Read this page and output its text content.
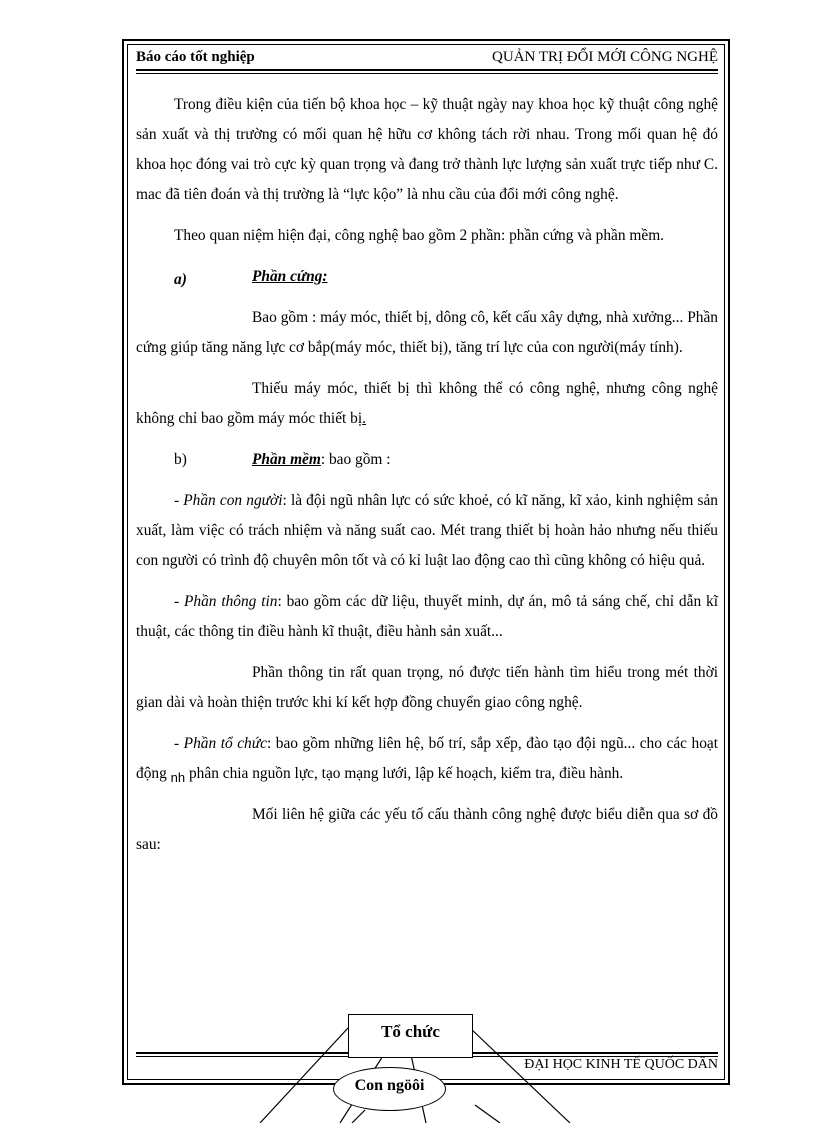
Báo cáo tốt nghiệp	QUẢN TRỊ ĐỔI MỚI CÔNG NGHỆ

Trong điều kiện của tiến bộ khoa học – kỹ thuật ngày nay khoa học kỹ thuật công nghệ sản xuất và thị trường có mối quan hệ hữu cơ không tách rời nhau. Trong mối quan hệ đó khoa học đóng vai trò cực kỳ quan trọng và đang trở thành lực lượng sản xuất trực tiếp như C. mac đã tiên đoán và thị trường là “lực kộo” là nhu cầu của đổi mới công nghệ.

Theo quan niệm hiện đại, công nghệ bao gồm 2 phần: phần cứng và phần mềm.

a)	Phần cứng:

Bao gồm : máy móc, thiết bị, dông cô, kết cấu xây dựng, nhà xưởng... Phần cứng giúp tăng năng lực cơ bắp(máy móc, thiết bị), tăng trí lực của con người(máy tính).

Thiếu máy móc, thiết bị thì không thể có công nghệ, nhưng công nghệ không chỉ bao gồm máy móc thiết bị.

b)	Phần mềm: bao gồm :

- Phần con người: là đội ngũ nhân lực có sức khoẻ, có kĩ năng, kĩ xảo, kinh nghiệm sản xuất, làm việc có trách nhiệm và năng suất cao. Mét trang thiết bị hoàn hảo nhưng nếu thiếu con người có trình độ chuyên môn tốt và có kỉ luật lao động cao thì cũng không có hiệu quả.

- Phần thông tin: bao gồm các dữ liệu, thuyết minh, dự án, mô tả sáng chế, chỉ dẫn kĩ thuật, các thông tin điều hành kĩ thuật, điều hành sản xuất...

Phần thông tin rất quan trọng, nó được tiến hành tìm hiểu trong mét thời gian dài và hoàn thiện trước khi kí kết hợp đồng chuyển giao công nghệ.

- Phần tổ chức: bao gồm những liên hệ, bố trí, sắp xếp, đào tạo đội ngũ... cho các hoạt động $_{nh}$ phân chia nguồn lực, tạo mạng lưới, lập kế hoạch, kiểm tra, điều hành.

Mối liên hệ giữa các yếu tố cấu thành công nghệ được biểu diễn qua sơ đồ sau:

ĐẠI HỌC KINH TẾ QUỐC DÂN
Tổ chức
Con ngöôi
